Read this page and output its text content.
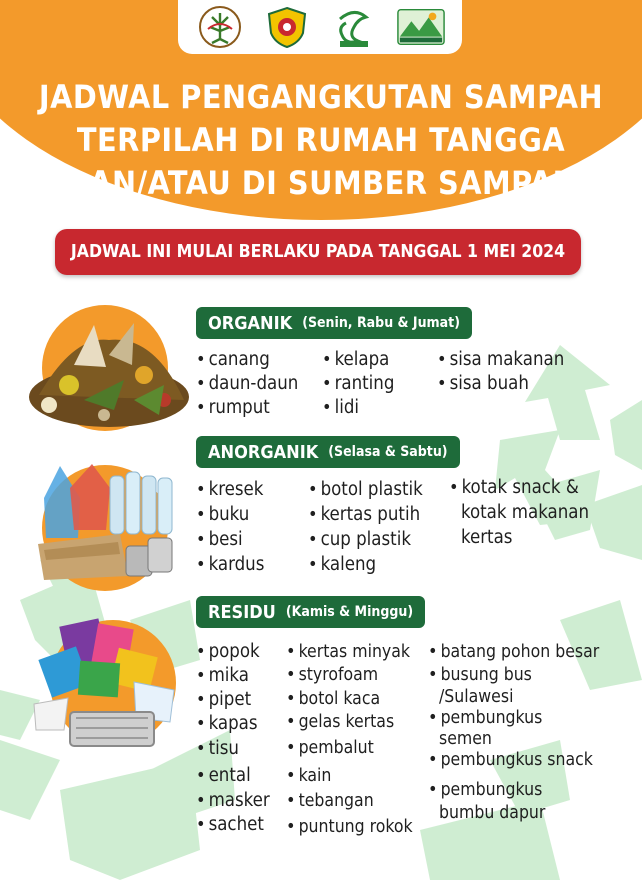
JADWAL PENGANGKUTAN SAMPAH
TERPILAH DI RUMAH TANGGA
DAN/ATAU DI SUMBER SAMPAH
JADWAL INI MULAI BERLAKU PADA TANGGAL 1 MEI 2024
ORGANIK (Senin, Rabu & Jumat)
ANORGANIK (Selasa & Sabtu)
RESIDU (Kamis & Minggu)
• canang
• daun-daun
• rumput
• kelapa
• ranting
• lidi
• sisa makanan
• sisa buah
• kresek
• buku
• besi
• kardus
• botol plastik
• kertas putih
• cup plastik
• kaleng
• kotak snack &
kotak makanan
kertas
• popok
• mika
• pipet
• kapas
• tisu
• ental
• masker
• sachet
• kertas minyak
• styrofoam
• botol kaca
• gelas kertas
• pembalut
• kain
• tebangan
• puntung rokok
• batang pohon besar
• busung bus
/Sulawesi
• pembungkus
semen
• pembungkus snack
• pembungkus
bumbu dapur
